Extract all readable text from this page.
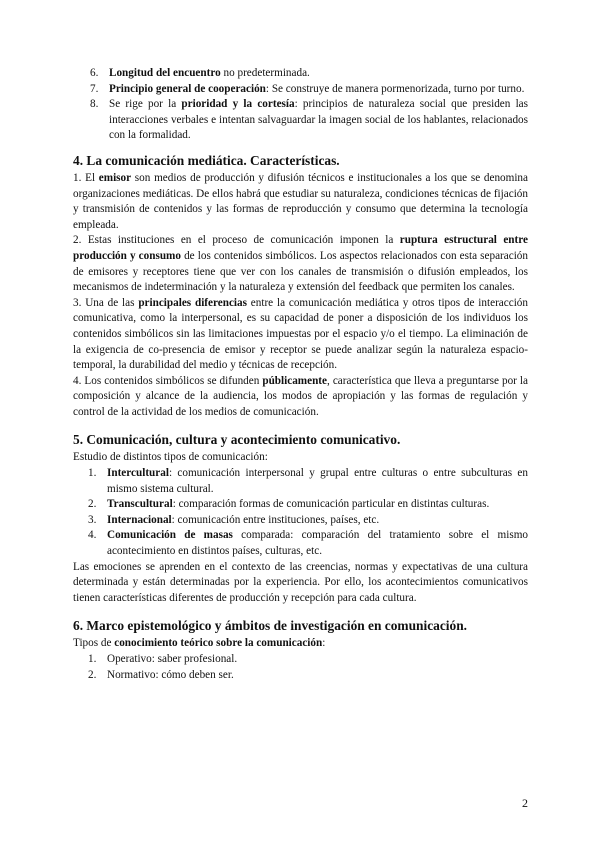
6. Longitud del encuentro no predeterminada.
7. Principio general de cooperación: Se construye de manera pormenorizada, turno por turno.
8. Se rige por la prioridad y la cortesía: principios de naturaleza social que presiden las interacciones verbales e intentan salvaguardar la imagen social de los hablantes, relacionados con la formalidad.
4. La comunicación mediática. Características.

1. El emisor son medios de producción y difusión técnicos e institucionales a los que se denomina organizaciones mediáticas. De ellos habrá que estudiar su naturaleza, condiciones técnicas de fijación y transmisión de contenidos y las formas de reproducción y consumo que determina la tecnología empleada.

2. Estas instituciones en el proceso de comunicación imponen la ruptura estructural entre producción y consumo de los contenidos simbólicos. Los aspectos relacionados con esta separación de emisores y receptores tiene que ver con los canales de transmisión o difusión empleados, los mecanismos de indeterminación y la naturaleza y extensión del feedback que permiten los canales.

3. Una de las principales diferencias entre la comunicación mediática y otros tipos de interacción comunicativa, como la interpersonal, es su capacidad de poner a disposición de los individuos los contenidos simbólicos sin las limitaciones impuestas por el espacio y/o el tiempo. La eliminación de la exigencia de co-presencia de emisor y receptor se puede analizar según la naturaleza espacio-temporal, la durabilidad del medio y técnicas de recepción.

4. Los contenidos simbólicos se difunden públicamente, característica que lleva a preguntarse por la composición y alcance de la audiencia, los modos de apropiación y las formas de regulación y control de la actividad de los medios de comunicación.

5. Comunicación, cultura y acontecimiento comunicativo.

Estudio de distintos tipos de comunicación:

1. Intercultural: comunicación interpersonal y grupal entre culturas o entre subculturas en mismo sistema cultural.
2. Transcultural: comparación formas de comunicación particular en distintas culturas.
3. Internacional: comunicación entre instituciones, países, etc.
4. Comunicación de masas comparada: comparación del tratamiento sobre el mismo acontecimiento en distintos países, culturas, etc.

Las emociones se aprenden en el contexto de las creencias, normas y expectativas de una cultura determinada y están determinadas por la experiencia. Por ello, los acontecimientos comunicativos tienen características diferentes de producción y recepción para cada cultura.

6. Marco epistemológico y ámbitos de investigación en comunicación.

Tipos de conocimiento teórico sobre la comunicación:

1. Operativo: saber profesional.
2. Normativo: cómo deben ser.
2
